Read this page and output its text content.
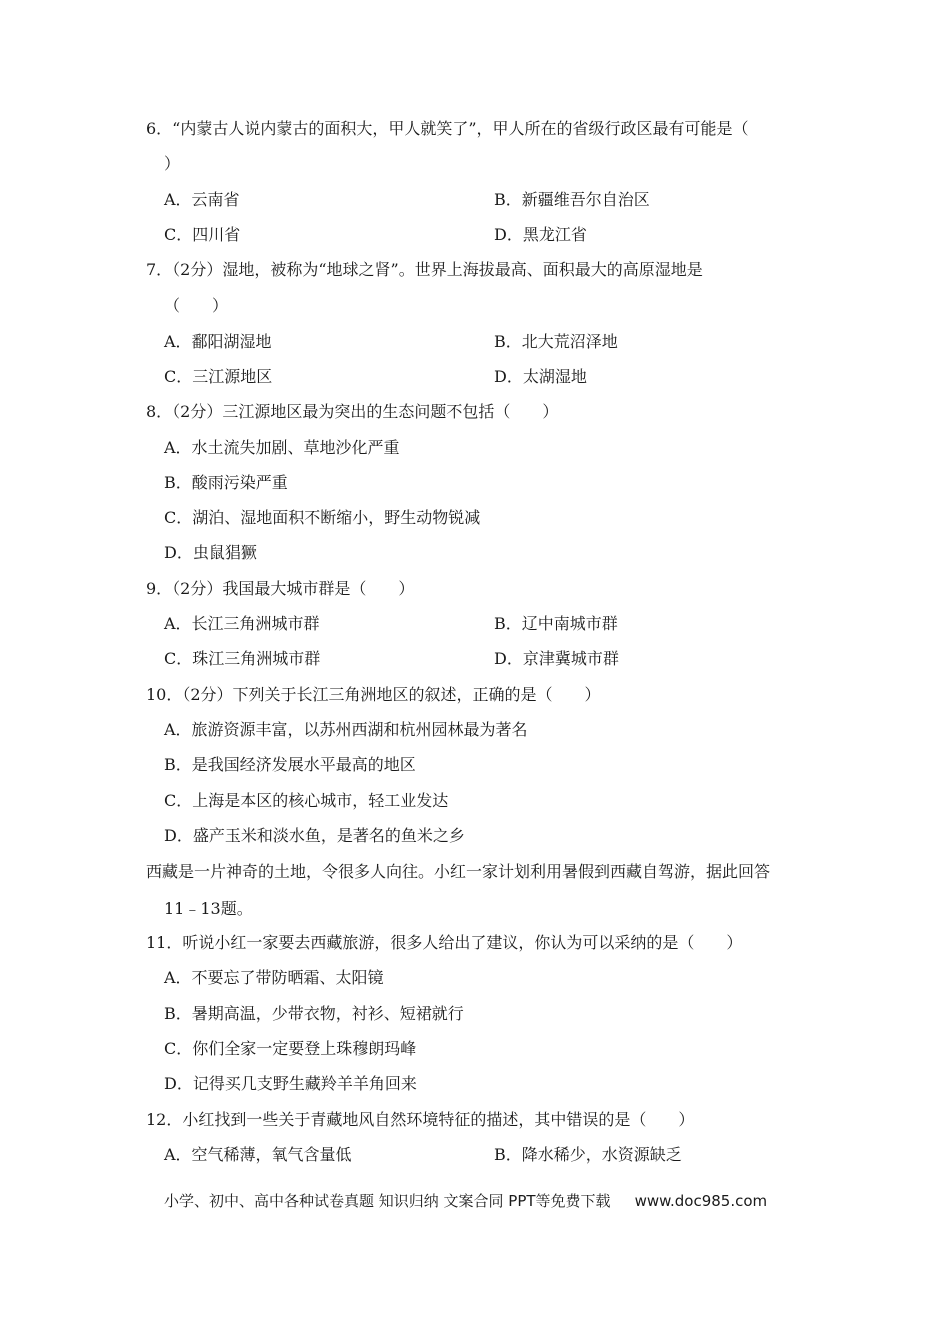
6．“内蒙古人说内蒙古的面积大，甲人就笑了”，甲人所在的省级行政区最有可能是（
）
A．云南省	B．新疆维吾尔自治区
C．四川省	D．黑龙江省
7．（2分）湿地，被称为“地球之肾”。世界上海拔最高、面积最大的高原湿地是
（　　）
A．鄱阳湖湿地	B．北大荒沼泽地
C．三江源地区	D．太湖湿地
8．（2分）三江源地区最为突出的生态问题不包括（　　）
A．水土流失加剧、草地沙化严重
B．酸雨污染严重
C．湖泊、湿地面积不断缩小，野生动物锐减
D．虫鼠猖獗
9．（2分）我国最大城市群是（　　）
A．长江三角洲城市群	B．辽中南城市群
C．珠江三角洲城市群	D．京津冀城市群
10．（2分）下列关于长江三角洲地区的叙述，正确的是（　　）
A．旅游资源丰富，以苏州西湖和杭州园林最为著名
B．是我国经济发展水平最高的地区
C．上海是本区的核心城市，轻工业发达
D．盛产玉米和淡水鱼，是著名的鱼米之乡
西藏是一片神奇的土地，令很多人向往。小红一家计划利用暑假到西藏自驾游，据此回答
11﹣13题。
11．听说小红一家要去西藏旅游，很多人给出了建议，你认为可以采纳的是（　　）
A．不要忘了带防晒霜、太阳镜
B．暑期高温，少带衣物，衬衫、短裙就行
C．你们全家一定要登上珠穆朗玛峰
D．记得买几支野生藏羚羊羊角回来
12．小红找到一些关于青藏地风自然环境特征的描述，其中错误的是（　　）
A．空气稀薄，氧气含量低	B．降水稀少，水资源缺乏
小学、初中、高中各种试卷真题 知识归纳 文案合同 PPT等免费下载 www.doc985.com
